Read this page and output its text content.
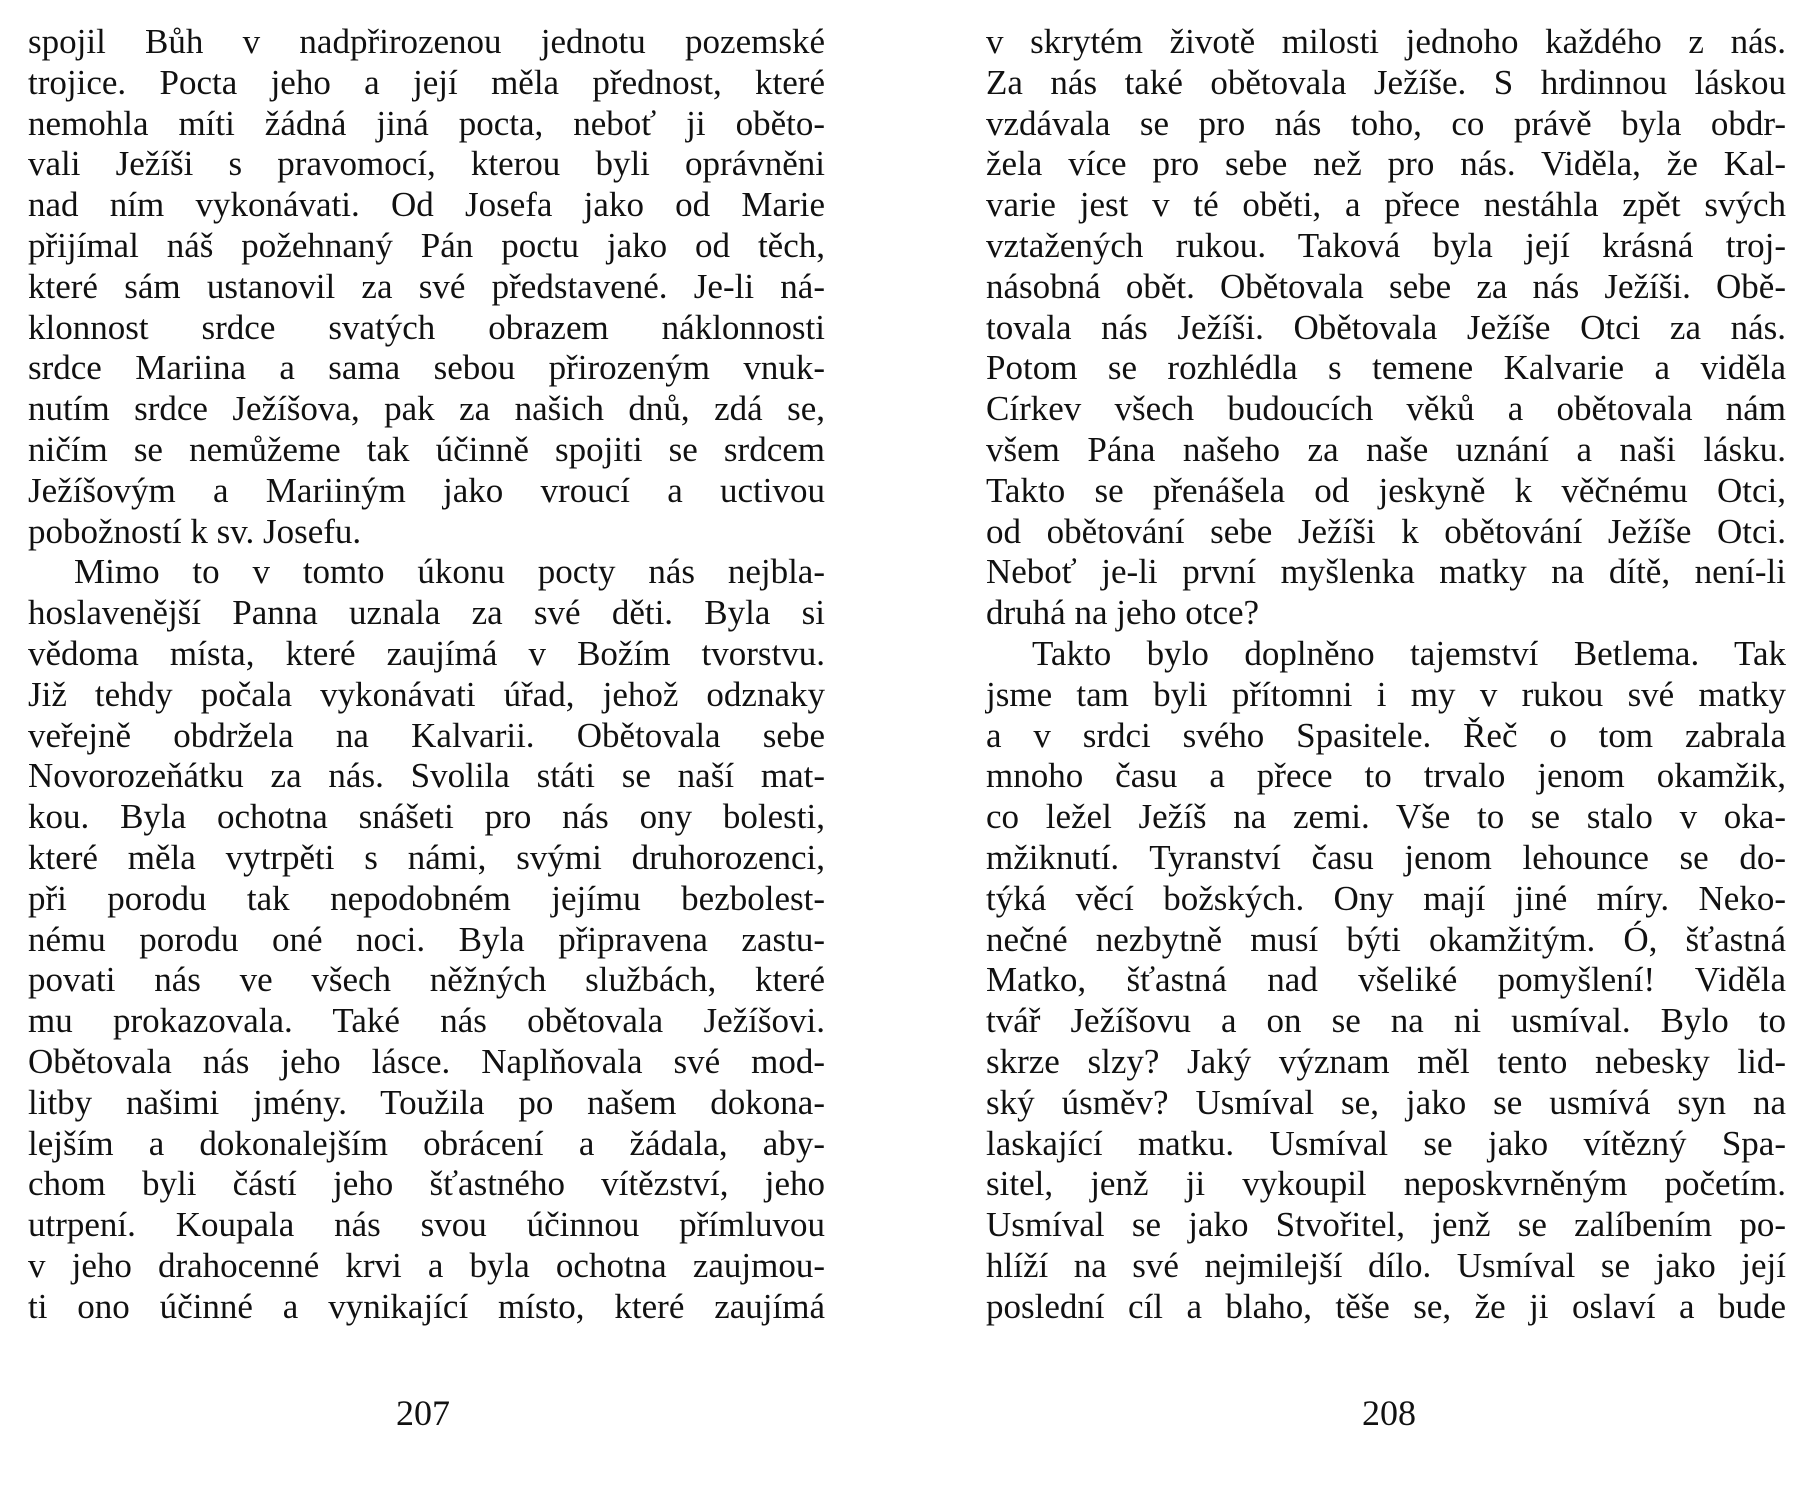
spojil Bůh v nadpřirozenou jednotu pozemské
trojice. Pocta jeho a její měla přednost, které
nemohla míti žádná jiná pocta, neboť ji oběto-
vali Ježíši s pravomocí, kterou byli oprávněni
nad ním vykonávati. Od Josefa jako od Marie
přijímal náš požehnaný Pán poctu jako od těch,
které sám ustanovil za své představené. Je-li ná-
klonnost srdce svatých obrazem náklonnosti
srdce Mariina a sama sebou přirozeným vnuk-
nutím srdce Ježíšova, pak za našich dnů, zdá se,
ničím se nemůžeme tak účinně spojiti se srdcem
Ježíšovým a Mariiným jako vroucí a uctivou
pobožností k sv. Josefu.
Mimo to v tomto úkonu pocty nás nejbla-
hoslavenější Panna uznala za své děti. Byla si
vědoma místa, které zaujímá v Božím tvorstvu.
Již tehdy počala vykonávati úřad, jehož odznaky
veřejně obdržela na Kalvarii. Obětovala sebe
Novorozeňátku za nás. Svolila státi se naší mat-
kou. Byla ochotna snášeti pro nás ony bolesti,
které měla vytrpěti s námi, svými druhorozenci,
při porodu tak nepodobném jejímu bezbolest-
nému porodu oné noci. Byla připravena zastu-
povati nás ve všech něžných službách, které
mu prokazovala. Také nás obětovala Ježíšovi.
Obětovala nás jeho lásce. Naplňovala své mod-
litby našimi jmény. Toužila po našem dokona-
lejším a dokonalejším obrácení a žádala, aby-
chom byli částí jeho šťastného vítězství, jeho
utrpení. Koupala nás svou účinnou přímluvou
v jeho drahocenné krvi a byla ochotna zaujmou-
ti ono účinné a vynikající místo, které zaujímá
v skrytém životě milosti jednoho každého z nás.
Za nás také obětovala Ježíše. S hrdinnou láskou
vzdávala se pro nás toho, co právě byla obdr-
žela více pro sebe než pro nás. Viděla, že Kal-
varie jest v té oběti, a přece nestáhla zpět svých
vztažených rukou. Taková byla její krásná troj-
násobná obět. Obětovala sebe za nás Ježíši. Obě-
tovala nás Ježíši. Obětovala Ježíše Otci za nás.
Potom se rozhlédla s temene Kalvarie a viděla
Církev všech budoucích věků a obětovala nám
všem Pána našeho za naše uznání a naši lásku.
Takto se přenášela od jeskyně k věčnému Otci,
od obětování sebe Ježíši k obětování Ježíše Otci.
Neboť je-li první myšlenka matky na dítě, není-li
druhá na jeho otce?
Takto bylo doplněno tajemství Betlema. Tak
jsme tam byli přítomni i my v rukou své matky
a v srdci svého Spasitele. Řeč o tom zabrala
mnoho času a přece to trvalo jenom okamžik,
co ležel Ježíš na zemi. Vše to se stalo v oka-
mžiknutí. Tyranství času jenom lehounce se do-
týká věcí božských. Ony mají jiné míry. Neko-
nečné nezbytně musí býti okamžitým. Ó, šťastná
Matko, šťastná nad všeliké pomyšlení! Viděla
tvář Ježíšovu a on se na ni usmíval. Bylo to
skrze slzy? Jaký význam měl tento nebesky lid-
ský úsměv? Usmíval se, jako se usmívá syn na
laskající matku. Usmíval se jako vítězný Spa-
sitel, jenž ji vykoupil neposkvrněným početím.
Usmíval se jako Stvořitel, jenž se zalíbením po-
hlíží na své nejmilejší dílo. Usmíval se jako její
poslední cíl a blaho, těše se, že ji oslaví a bude
207	208
